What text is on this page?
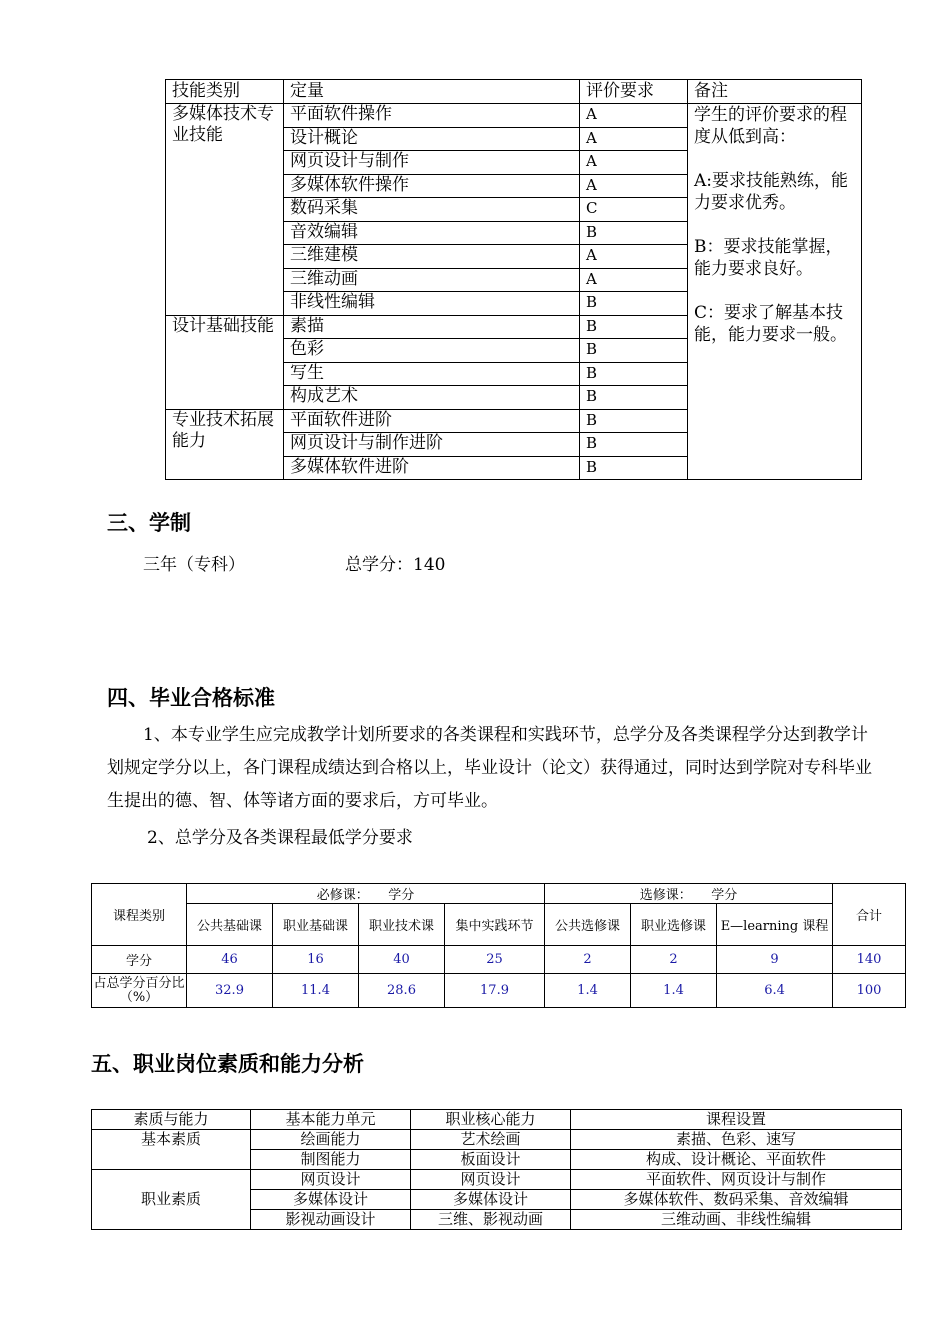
技能类别	定量	评价要求	备注
多媒体技术专业技能	平面软件操作	A	学生的评价要求的程度从低到高：

A:要求技能熟练，能力要求优秀。

B：要求技能掌握，能力要求良好。

C：要求了解基本技能，能力要求一般。

	设计概论	A	
	网页设计与制作	A	
	多媒体软件操作	A	
	数码采集	C	
	音效编辑	B	
	三维建模	A	
	三维动画	A	
	非线性编辑	B	
设计基础技能	素描	B	
	色彩	B	
	写生	B	
	构成艺术	B	
专业技术拓展能力	平面软件进阶	B	
	网页设计与制作进阶	B	
	多媒体软件进阶	B	
三、学制
三年（专科）	总学分：140
四、毕业合格标准
1、本专业学生应完成教学计划所要求的各类课程和实践环节，总学分及各类课程学分达到教学计划规定学分以上，各门课程成绩达到合格以上，毕业设计（论文）获得通过，同时达到学院对专科毕业生提出的德、智、体等诸方面的要求后，方可毕业。
2、总学分及各类课程最低学分要求
课程类别	必修课：　　学分				选修课：　　学分			合计
	公共基础课	职业基础课	职业技术课	集中实践环节	公共选修课	职业选修课	E—learning 课程	
学分	46	16	40	25	2	2	9	140
占总学分百分比（%）	32.9	11.4	28.6	17.9	1.4	1.4	6.4	100
五、职业岗位素质和能力分析
素质与能力	基本能力单元	职业核心能力	课程设置
基本素质	绘画能力	艺术绘画	素描、色彩、速写
	制图能力	板面设计	构成、设计概论、平面软件
职业素质	网页设计	网页设计	平面软件、网页设计与制作
	多媒体设计	多媒体设计	多媒体软件、数码采集、音效编辑
	影视动画设计	三维、影视动画	三维动画、非线性编辑
